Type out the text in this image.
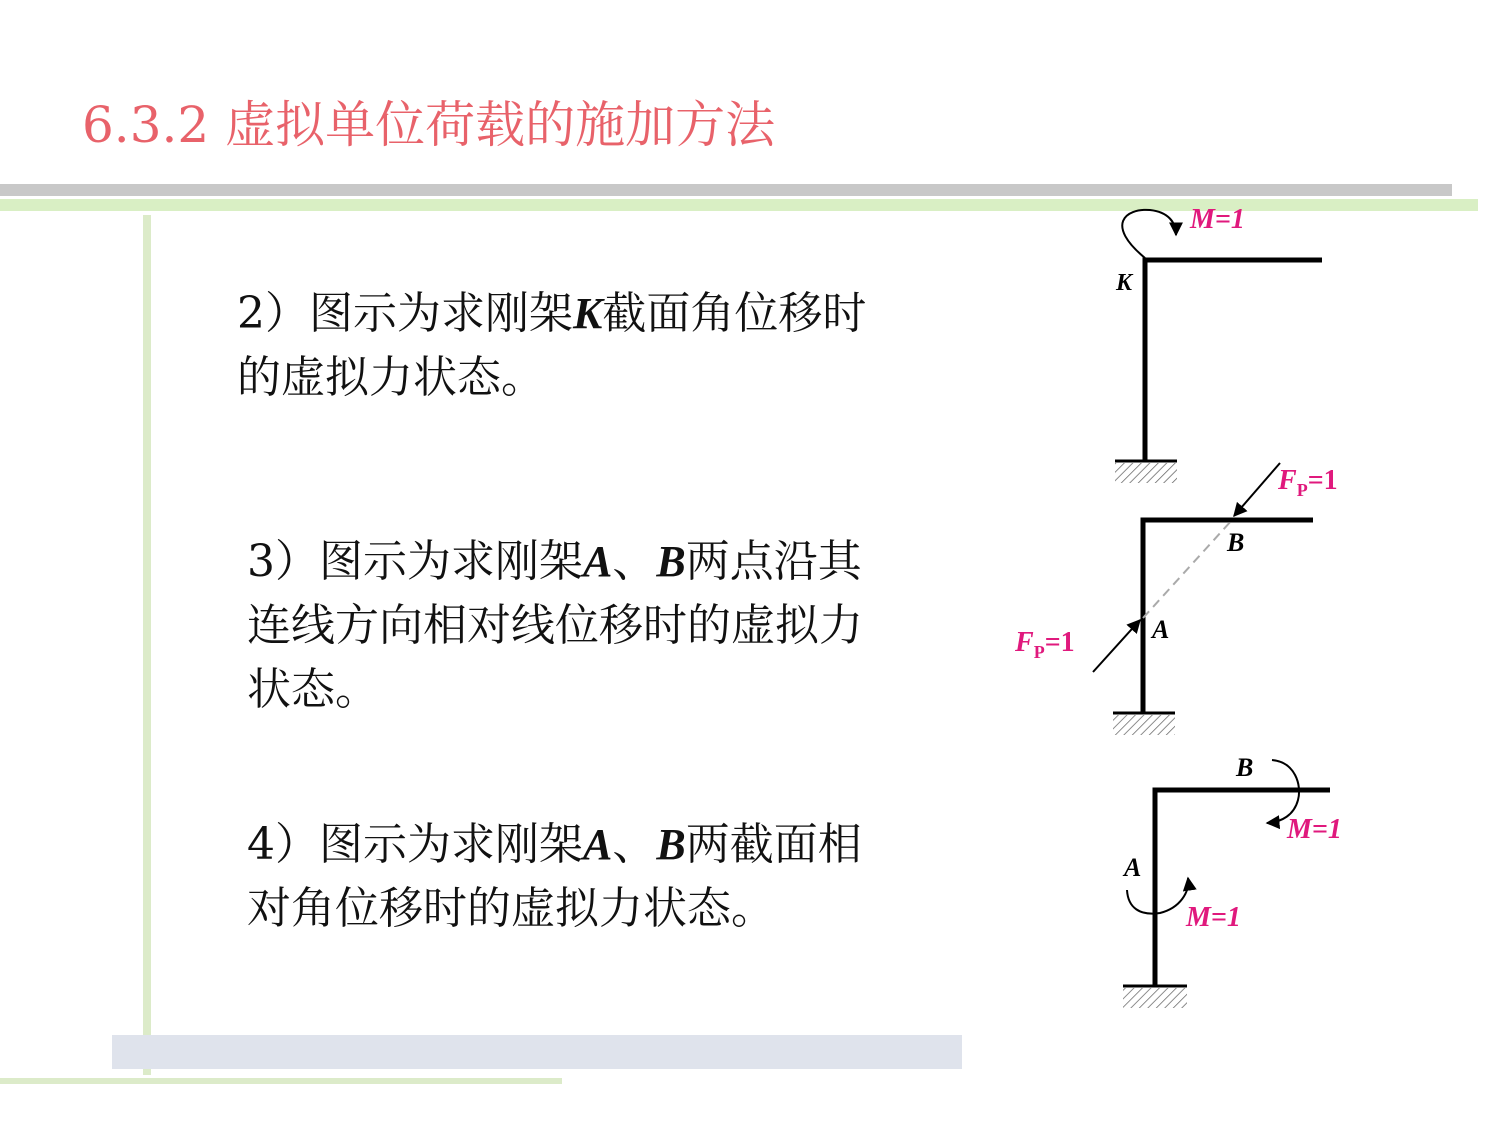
6.3.2 虚拟单位荷载的施加方法
2）图示为求刚架K截面角位移时
的虚拟力状态。
3）图示为求刚架A、B两点沿其
连线方向相对线位移时的虚拟力
状态。
4）图示为求刚架A、B两截面相
对角位移时的虚拟力状态。
M=1
K
$F_P=1$
$F_P=1$
B
A
B
A
M=1
M=1
